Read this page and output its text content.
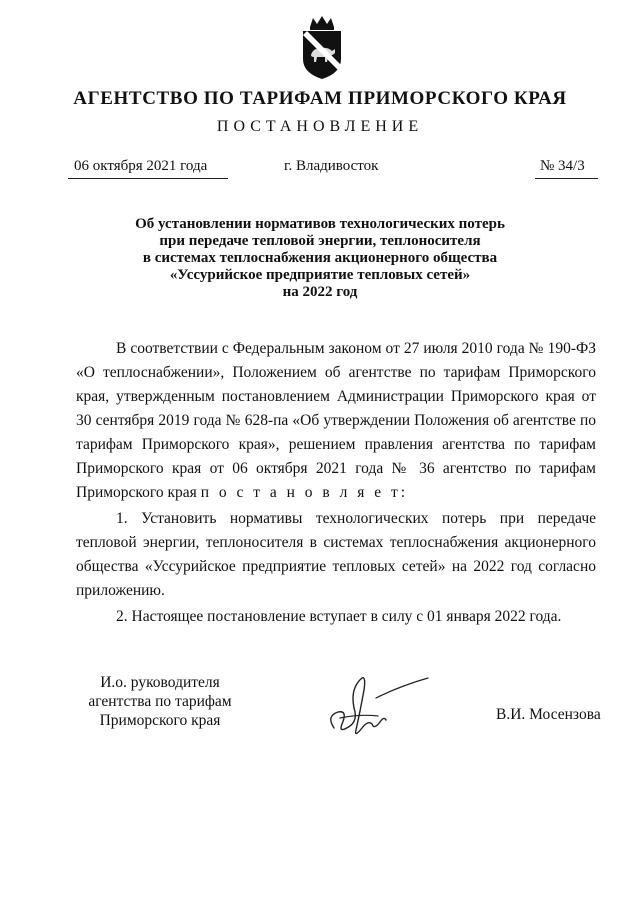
АГЕНТСТВО ПО ТАРИФАМ ПРИМОРСКОГО КРАЯ
ПОСТАНОВЛЕНИЕ
06 октября 2021 года	г. Владивосток	№ 34/3
Об установлении нормативов технологических потерь
при передаче тепловой энергии, теплоносителя
в системах теплоснабжения акционерного общества
«Уссурийское предприятие тепловых сетей»
на 2022 год

В соответствии с Федеральным законом от 27 июля 2010 года № 190-ФЗ «О теплоснабжении», Положением об агентстве по тарифам Приморского края, утвержденным постановлением Администрации Приморского края от 30 сентября 2019 года № 628-па «Об утверждении Положения об агентстве по тарифам Приморского края», решением правления агентства по тарифам Приморского края от 06 октября 2021 года № 36 агентство по тарифам Приморского края п о с т а н о в л я е т:

1. Установить нормативы технологических потерь при передаче тепловой энергии, теплоносителя в системах теплоснабжения акционерного общества «Уссурийское предприятие тепловых сетей» на 2022 год согласно приложению.

2. Настоящее постановление вступает в силу с 01 января 2022 года.

И.о. руководителя
агентства по тарифам
Приморского края	В.И. Мосензова
